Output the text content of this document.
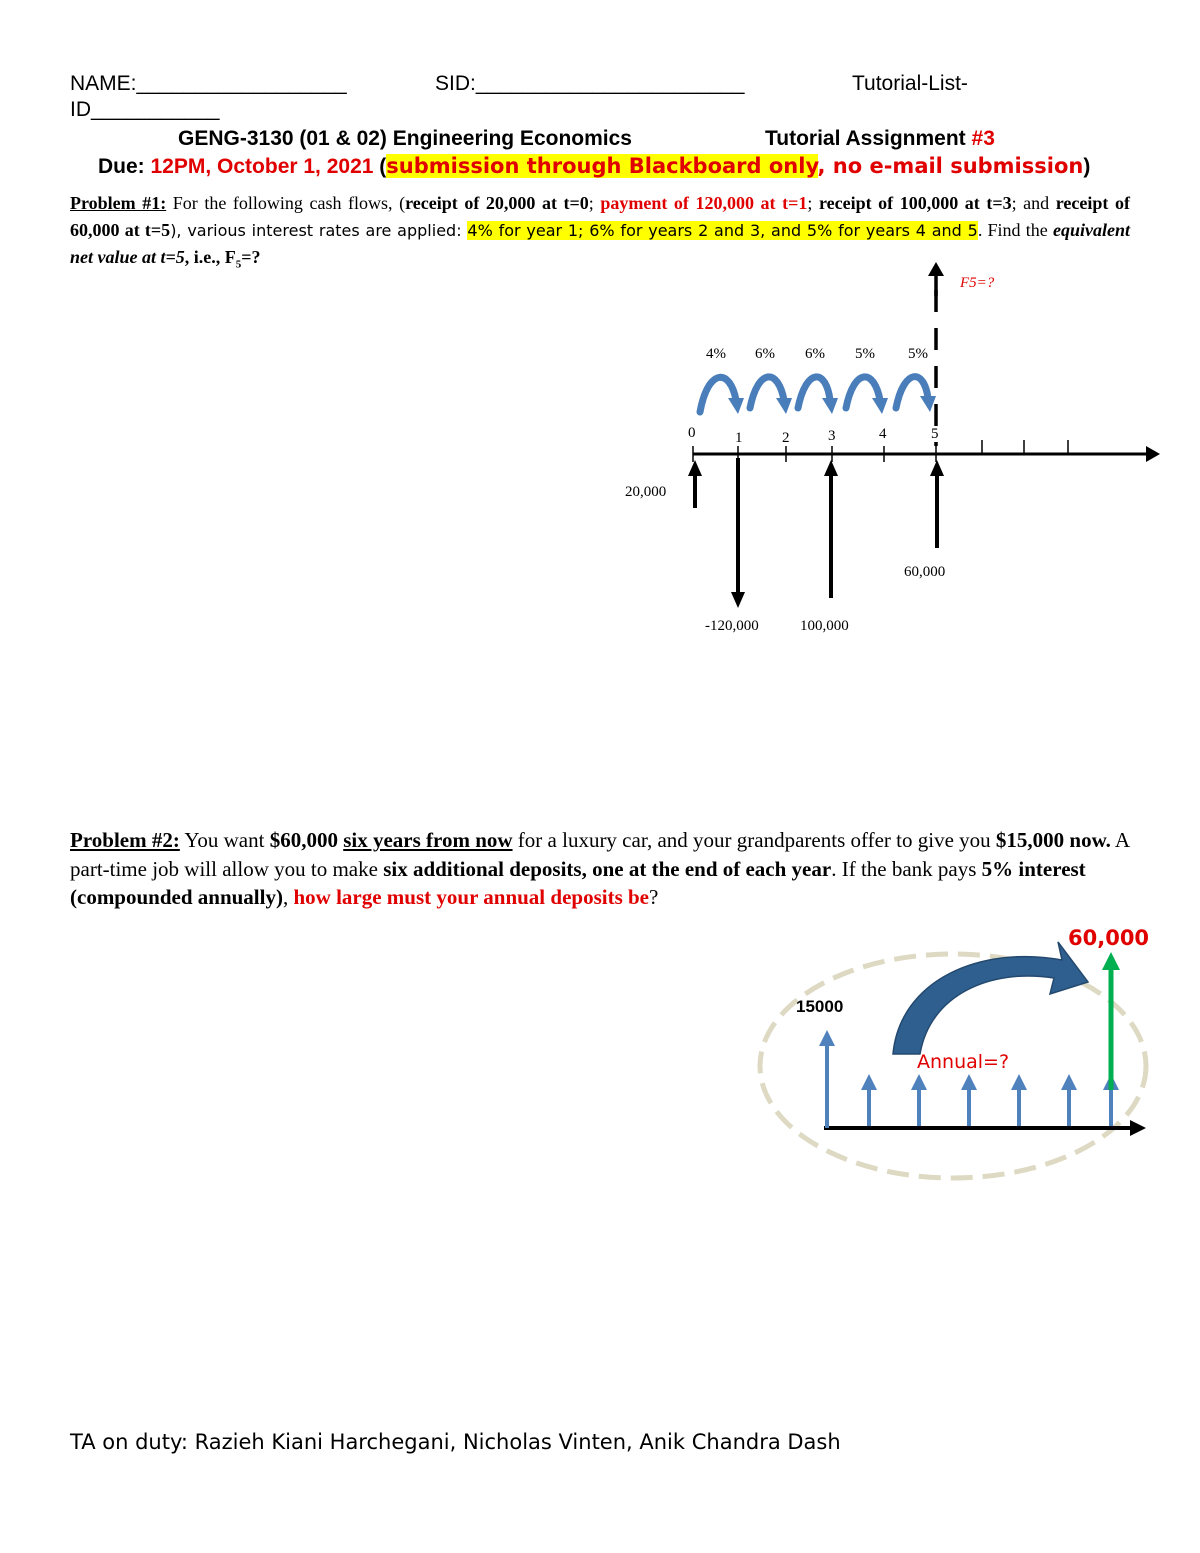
NAME:__________________	SID:_______________________	Tutorial-List-
ID___________
GENG-3130 (01 & 02) Engineering Economics	Tutorial Assignment #3
Due: 12PM, October 1, 2021 (submission through Blackboard only, no e-mail submission)
Problem #1: For the following cash flows, (receipt of 20,000 at t=0; payment of 120,000 at t=1; receipt of 100,000 at t=3; and receipt of 60,000 at t=5), various interest rates are applied: 4% for year 1; 6% for years 2 and 3, and 5% for years 4 and 5. Find the equivalent net value at t=5, i.e., $F_5=$?
0	1	2	3	4	5
F5=?
4% 6% 6% 5% 5%
20,000
-120,000	100,000
60,000
Problem #2: You want $60,000 six years from now for a luxury car, and your grandparents offer to give you $15,000 now. A part-time job will allow you to make six additional deposits, one at the end of each year. If the bank pays 5% interest (compounded annually), how large must your annual deposits be?
15000
60,000
Annual=?
TA on duty: Razieh Kiani Harchegani, Nicholas Vinten, Anik Chandra Dash
